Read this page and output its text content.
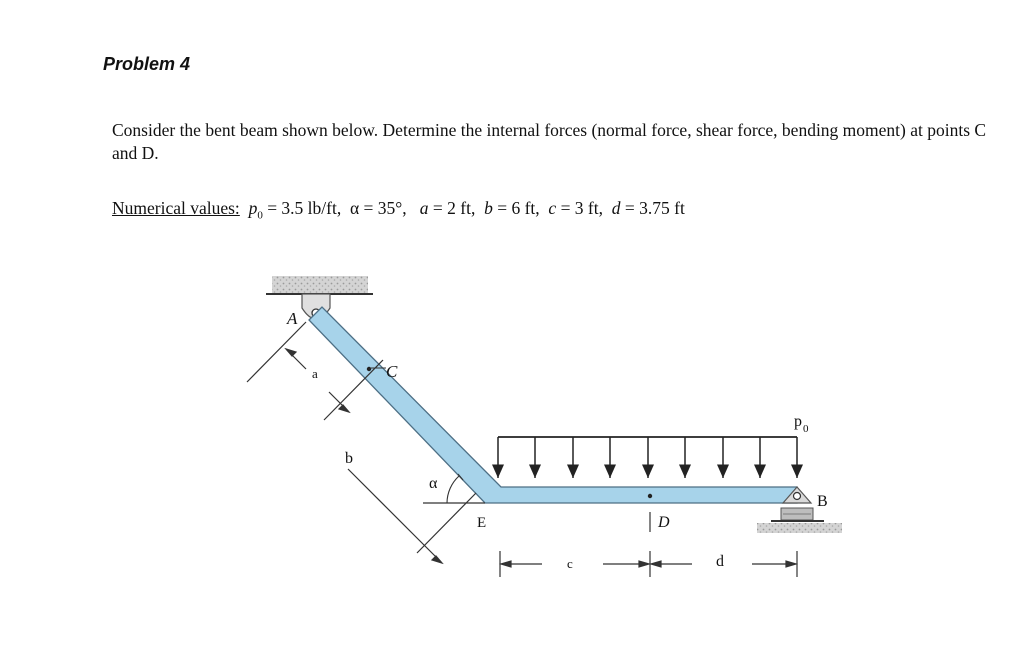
Problem 4
Consider the bent beam shown below. Determine the internal forces (normal force, shear force, bending moment) at points C and D.
Numerical values: $p_0 = 3.5$ lb/ft,  α = 35°,   a = 2 ft,  b = 6 ft,  c = 3 ft,  d = 3.75 ft
A
C
E	D
B
$p_0$
α
a
b
c	d
